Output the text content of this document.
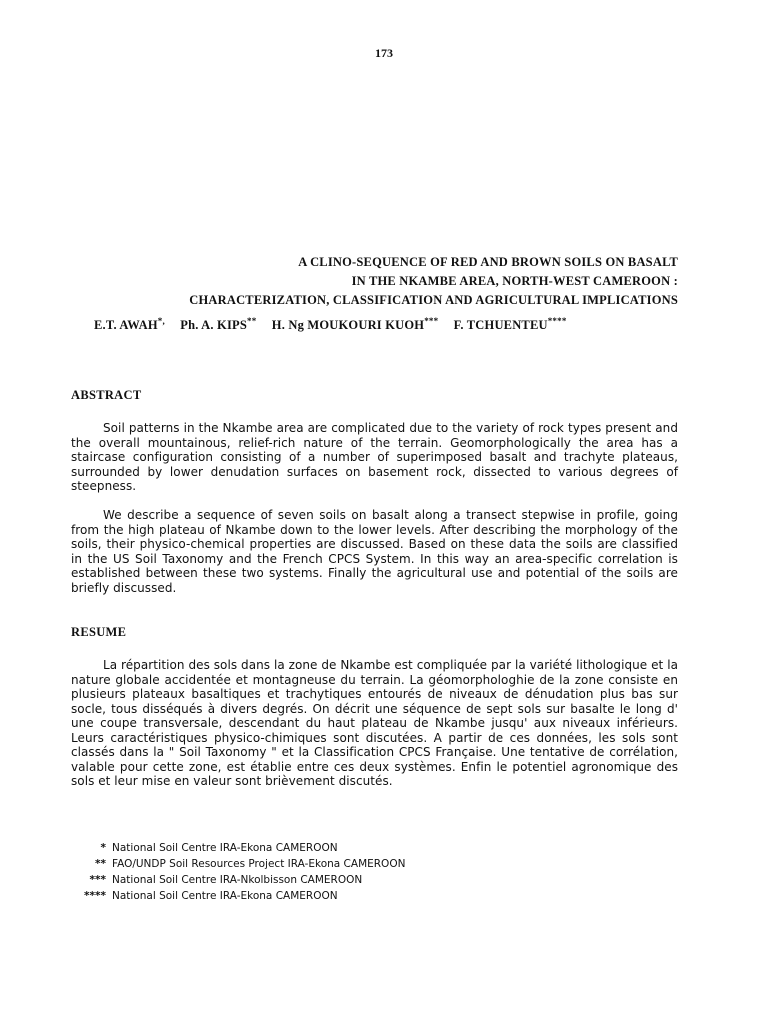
173
A CLINO-SEQUENCE OF RED AND BROWN SOILS ON BASALT
IN THE NKAMBE AREA, NORTH-WEST CAMEROON :
CHARACTERIZATION, CLASSIFICATION AND AGRICULTURAL IMPLICATIONS
E.T. AWAH*, Ph. A. KIPS** H. Ng MOUKOURI KUOH*** F. TCHUENTEU****
ABSTRACT

Soil patterns in the Nkambe area are complicated due to the variety of rock types present and the overall mountainous, relief-rich nature of the terrain. Geomorphologically the area has a staircase configuration consisting of a number of superimposed basalt and trachyte plateaus, surrounded by lower denudation surfaces on basement rock, dissected to various degrees of steepness.

We describe a sequence of seven soils on basalt along a transect stepwise in profile, going from the high plateau of Nkambe down to the lower levels. After describing the morphology of the soils, their physico-chemical properties are discussed. Based on these data the soils are classified in the US Soil Taxonomy and the French CPCS System. In this way an area-specific correlation is established between these two systems. Finally the agricultural use and potential of the soils are briefly discussed.

RESUME

La répartition des sols dans la zone de Nkambe est compliquée par la variété lithologique et la nature globale accidentée et montagneuse du terrain. La géomorphologhie de la zone consiste en plusieurs plateaux basaltiques et trachytiques entourés de niveaux de dénudation plus bas sur socle, tous disséqués à divers degrés. On décrit une séquence de sept sols sur basalte le long d' une coupe transversale, descendant du haut plateau de Nkambe jusqu' aux niveaux inférieurs. Leurs caractéristiques physico-chimiques sont discutées. A partir de ces données, les sols sont classés dans la " Soil Taxonomy " et la Classification CPCS Française. Une tentative de corrélation, valable pour cette zone, est établie entre ces deux systèmes. Enfin le potentiel agronomique des sols et leur mise en valeur sont brièvement discutés.

* National Soil Centre IRA-Ekona CAMEROON
** FAO/UNDP Soil Resources Project IRA-Ekona CAMEROON
*** National Soil Centre IRA-Nkolbisson CAMEROON
**** National Soil Centre IRA-Ekona CAMEROON
